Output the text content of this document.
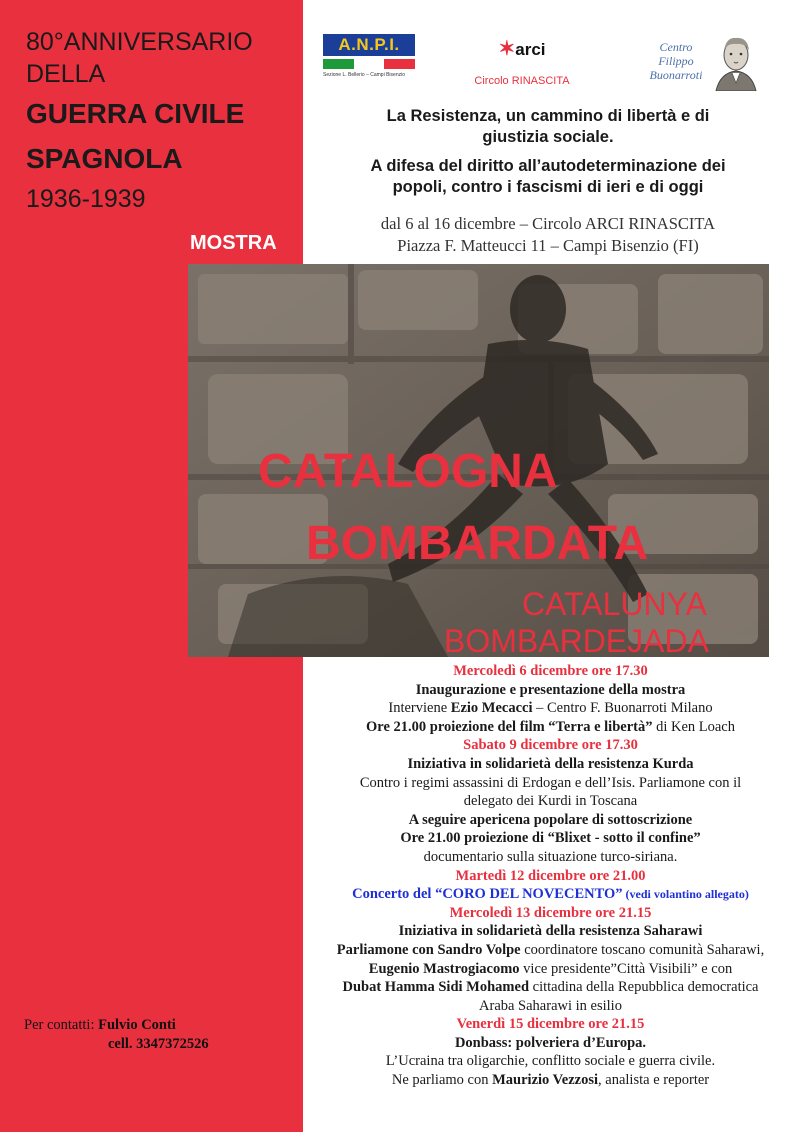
80°ANNIVERSARIO
DELLA
GUERRA CIVILE
SPAGNOLA
1936-1939
MOSTRA
A.N.P.I.
Sezione L. Bellerio – Campi Bisenzio
✶arci
Circolo RINASCITA
Centro
Filippo
Buonarroti
La Resistenza, un cammino di libertà e di
giustizia sociale.
A difesa del diritto all’autodeterminazione dei
popoli, contro i fascismi di ieri e di oggi
dal 6 al 16 dicembre – Circolo ARCI RINASCITA
Piazza F. Matteucci 11 – Campi Bisenzio (FI)
CATALOGNA
BOMBARDATA
CATALUNYA
BOMBARDEJADA
Mercoledì 6 dicembre ore 17.30
Inaugurazione e presentazione della mostra
Interviene Ezio Mecacci – Centro F. Buonarroti Milano
Ore 21.00 proiezione del film “Terra e libertà” di Ken Loach
Sabato 9 dicembre ore 17.30
Iniziativa in solidarietà della resistenza Kurda
Contro i regimi assassini di Erdogan e dell’Isis. Parliamone con il
delegato dei Kurdi in Toscana
A seguire apericena popolare di sottoscrizione
Ore 21.00 proiezione di “Blixet - sotto il confine”
documentario sulla situazione turco-siriana.
Martedì 12 dicembre ore 21.00
Concerto del “CORO DEL NOVECENTO” (vedi volantino allegato)
Mercoledì 13 dicembre ore 21.15
Iniziativa in solidarietà della resistenza Saharawi
Parliamone con Sandro Volpe coordinatore toscano comunità Saharawi,
Eugenio Mastrogiacomo vice presidente”Città Visibili” e con
Dubat Hamma Sidi Mohamed cittadina della Repubblica democratica
Araba Saharawi in esilio
Venerdì 15 dicembre ore 21.15
Donbass: polveriera d’Europa.
L’Ucraina tra oligarchie, conflitto sociale e guerra civile.
Ne parliamo con Maurizio Vezzosi, analista e reporter
Per contatti: Fulvio Conti
cell. 3347372526
